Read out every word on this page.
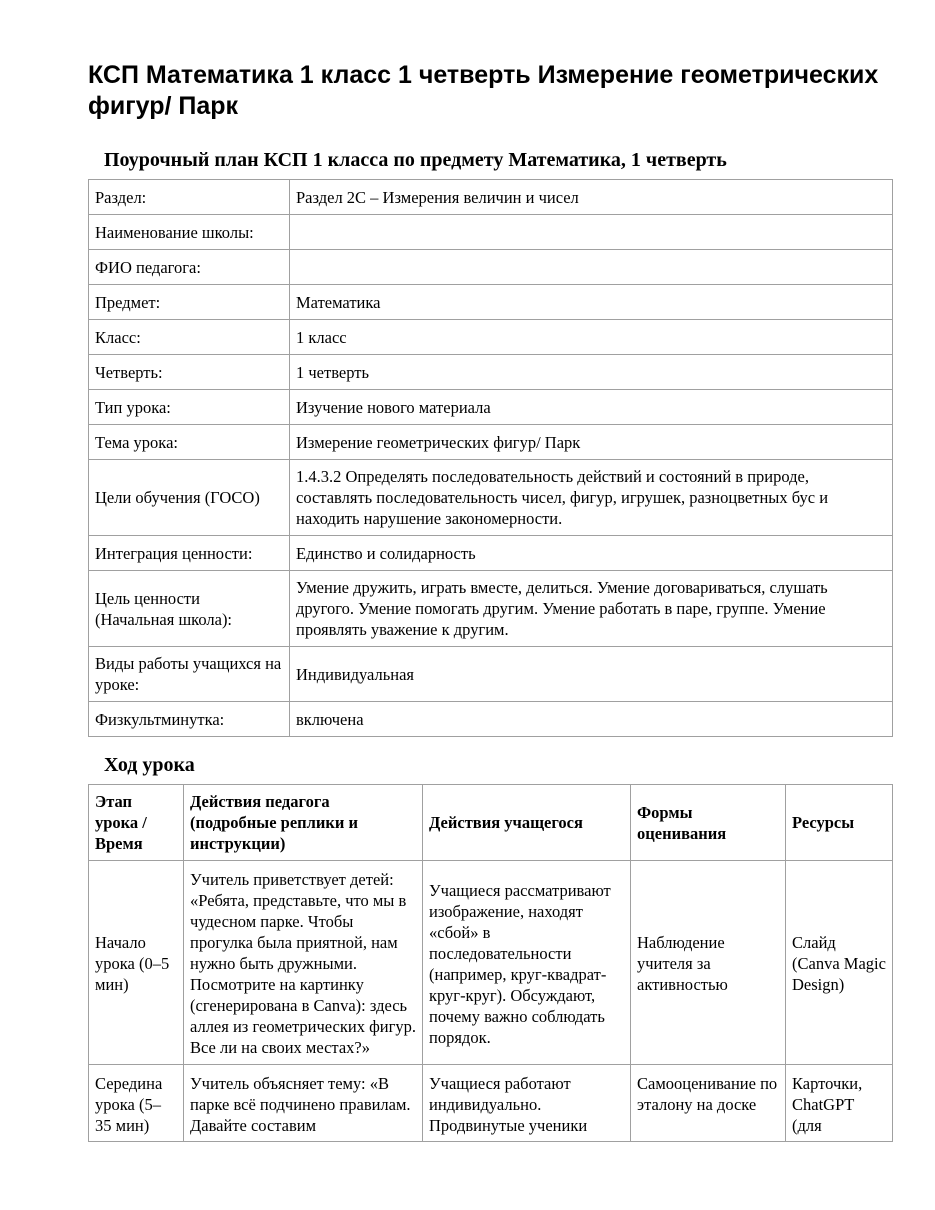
КСП Математика 1 класс 1 четверть Измерение геометрических фигур/ Парк
Поурочный план КСП 1 класса по предмету Математика, 1 четверть
Раздел:	Раздел 2С – Измерения величин и чисел
Наименование школы:	
ФИО педагога:	
Предмет:	Математика
Класс:	1 класс
Четверть:	1 четверть
Тип урока:	Изучение нового материала
Тема урока:	Измерение геометрических фигур/ Парк
Цели обучения (ГОСО)	1.4.3.2 Определять последовательность действий и состояний в природе, составлять последовательность чисел, фигур, игрушек, разноцветных бус и находить нарушение закономерности.
Интеграция ценности:	Единство и солидарность
Цель ценности (Начальная школа):	Умение дружить, играть вместе, делиться. Умение договариваться, слушать другого. Умение помогать другим. Умение работать в паре, группе. Умение проявлять уважение к другим.
Виды работы учащихся на уроке:	Индивидуальная
Физкультминутка:	включена
Ход урока
Этап урока / Время	Действия педагога (подробные реплики и инструкции)	Действия учащегося	Формы оценивания	Ресурсы
Начало урока (0–5 мин)	Учитель приветствует детей: «Ребята, представьте, что мы в чудесном парке. Чтобы прогулка была приятной, нам нужно быть дружными. Посмотрите на картинку (сгенерирована в Canva): здесь аллея из геометрических фигур. Все ли на своих местах?»	Учащиеся рассматривают изображение, находят «сбой» в последовательности (например, круг-квадрат-круг-круг). Обсуждают, почему важно соблюдать порядок.	Наблюдение учителя за активностью	Слайд (Canva Magic Design)

Середина урока (5–35 мин)	Учитель объясняет тему: «В парке всё подчинено правилам. Давайте составим	Учащиеся работают индивидуально. Продвинутые ученики	Самооценивание по эталону на доске	Карточки, ChatGPT (для
